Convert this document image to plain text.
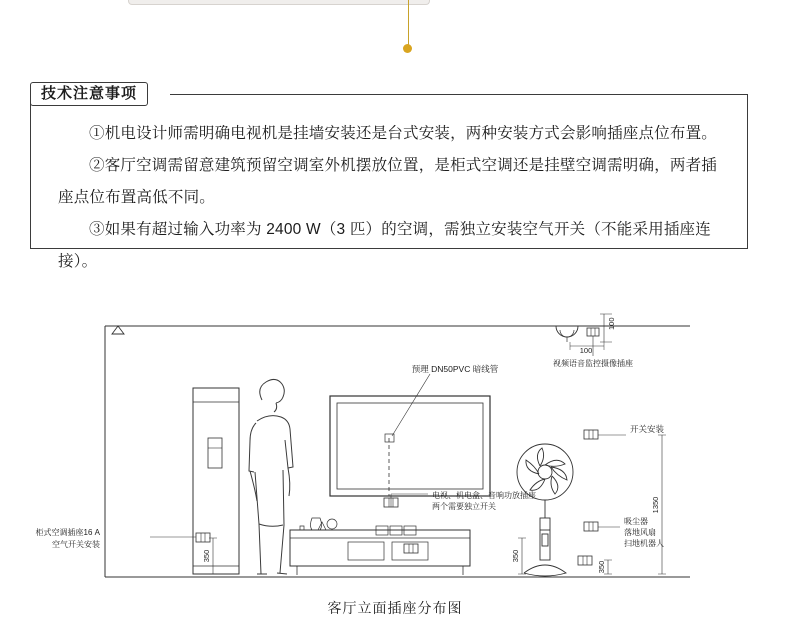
技术注意事项

①机电设计师需明确电视机是挂墙安装还是台式安装，两种安装方式会影响插座点位布置。

②客厅空调需留意建筑预留空调室外机摆放位置，是柜式空调还是挂壁空调需明确，两者插座点位布置高低不同。

③如果有超过输入功率为 2400 W（3 匹）的空调，需独立安装空气开关（不能采用插座连接）。

预理 DN50PVC 暗线管
视频语音监控摄像插座
100
100
开关安装
吸尘器
落地风扇
扫地机器人
电视、机电盒、音响功放插座
两个需要独立开关
柜式空调插座16 A
空气开关安装
350	350
350
1350
客厅立面插座分布图
